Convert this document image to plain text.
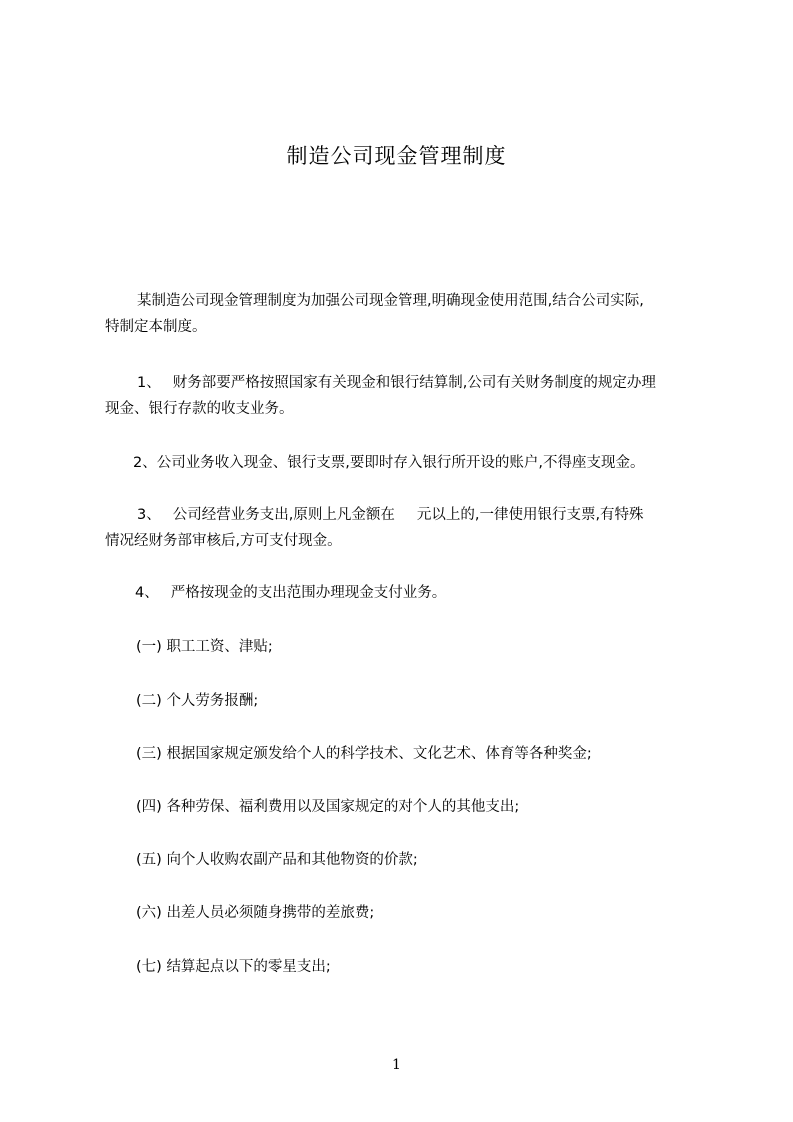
制造公司现金管理制度
某制造公司现金管理制度为加强公司现金管理,明确现金使用范围,结合公司实际,
特制定本制度。
1、 财务部要严格按照国家有关现金和银行结算制,公司有关财务制度的规定办理
现金、银行存款的收支业务。
2、公司业务收入现金、银行支票,要即时存入银行所开设的账户,不得座支现金。
3、 公司经营业务支出,原则上凡金额在 元以上的,一律使用银行支票,有特殊
情况经财务部审核后,方可支付现金。
4、 严格按现金的支出范围办理现金支付业务。
(一) 职工工资、津贴;
(二) 个人劳务报酬;
(三) 根据国家规定颁发给个人的科学技术、文化艺术、体育等各种奖金;
(四) 各种劳保、福利费用以及国家规定的对个人的其他支出;
(五) 向个人收购农副产品和其他物资的价款;
(六) 出差人员必须随身携带的差旅费;
(七) 结算起点以下的零星支出;
1
